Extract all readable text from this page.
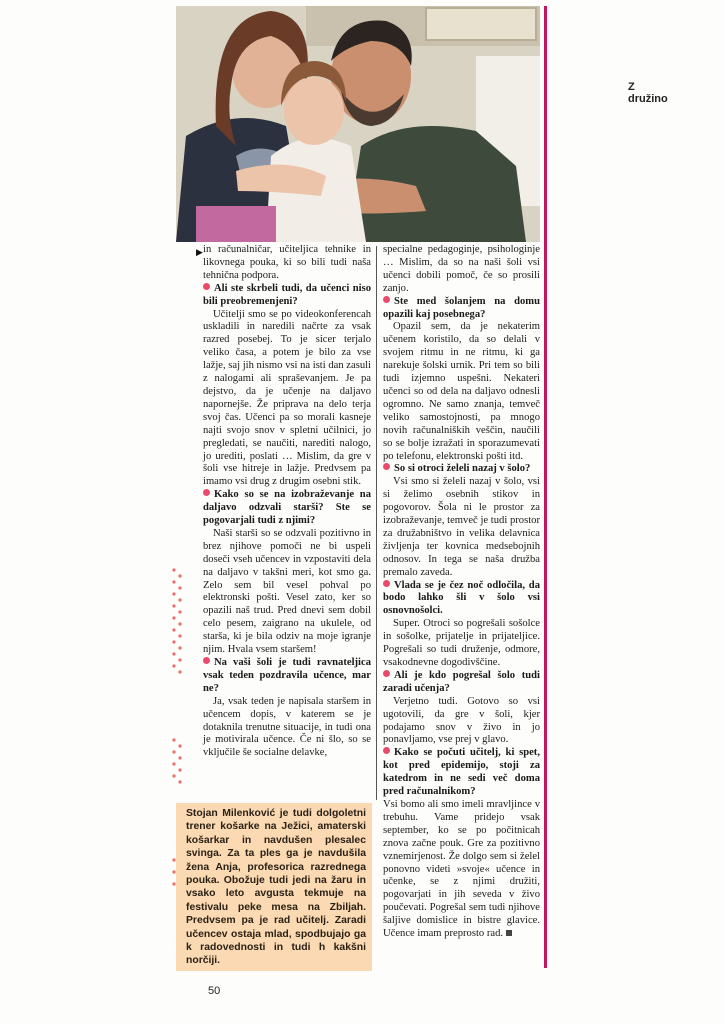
Z družino
▶ in računalničar, učiteljica tehnike in likovnega pouka, ki so bili tudi naša tehnična podpora.

Ali ste skrbeli tudi, da učenci niso bili preobremenjeni?

Učitelji smo se po videokonferencah uskladili in naredili načrte za vsak razred posebej. To je sicer terjalo veliko časa, a potem je bilo za vse lažje, saj jih nismo vsi na isti dan zasuli z nalogami ali spraševanjem. Je pa dejstvo, da je učenje na daljavo napornejše. Že priprava na delo terja svoj čas. Učenci pa so morali kasneje najti svojo snov v spletni učilnici, jo pregledati, se naučiti, narediti nalogo, jo urediti, poslati … Mislim, da gre v šoli vse hitreje in lažje. Predvsem pa imamo vsi drug z drugim osebni stik.

Kako so se na izobraževanje na daljavo odzvali starši? Ste se pogovarjali tudi z njimi?

Naši starši so se odzvali pozitivno in brez njihove pomoči ne bi uspeli doseči vseh učencev in vzpostaviti dela na daljavo v takšni meri, kot smo ga. Zelo sem bil vesel pohval po elektronski pošti. Vesel zato, ker so opazili naš trud. Pred dnevi sem dobil celo pesem, zaigrano na ukulele, od starša, ki je bila odziv na moje igranje njim. Hvala vsem staršem!

Na vaši šoli je tudi ravnateljica vsak teden pozdravila učence, mar ne?

Ja, vsak teden je napisala staršem in učencem dopis, v katerem se je dotaknila trenutne situacije, in tudi ona je motivirala učence. Če ni šlo, so se vključile še socialne delavke,

specialne pedagoginje, psihologinje … Mislim, da so na naši šoli vsi učenci dobili pomoč, če so prosili zanjo.

Ste med šolanjem na domu opazili kaj posebnega?

Opazil sem, da je nekaterim učenem koristilo, da so delali v svojem ritmu in ne ritmu, ki ga narekuje šolski urnik. Pri tem so bili tudi izjemno uspešni. Nekateri učenci so od dela na daljavo odnesli ogromno. Ne samo znanja, temveč veliko samostojnosti, pa mnogo novih računalniških veščin, naučili so se bolje izražati in sporazumevati po telefonu, elektronski pošti itd.

So si otroci želeli nazaj v šolo?

Vsi smo si želeli nazaj v šolo, vsi si želimo osebnih stikov in pogovorov. Šola ni le prostor za izobraževanje, temveč je tudi prostor za družabništvo in velika delavnica življenja ter kovnica medsebojnih odnosov. In tega se naša družba premalo zaveda.

Vlada se je čez noč odločila, da bodo lahko šli v šolo vsi osnovnošolci.

Super. Otroci so pogrešali sošolce in sošolke, prijatelje in prijateljice. Pogrešali so tudi druženje, odmore, vsakodnevne dogodivščine.

Ali je kdo pogrešal šolo tudi zaradi učenja?

Verjetno tudi. Gotovo so vsi ugotovili, da gre v šoli, kjer podajamo snov v živo in jo ponavljamo, vse prej v glavo.

Kako se počuti učitelj, ki spet, kot pred epidemijo, stoji za katedrom in ne sedi več doma pred računalnikom?

Vsi bomo ali smo imeli mravljince v trebuhu. Vame pridejo vsak september, ko se po počitnicah znova začne pouk. Gre za pozitivno vznemirjenost. Že dolgo sem si želel ponovno videti »svoje« učence in učenke, se z njimi družiti, pogovarjati in jih seveda v živo poučevati. Pogrešal sem tudi njihove šaljive domislice in bistre glavice. Učence imam preprosto rad.

Stojan Milenković je tudi dolgoletni trener košarke na Ježici, amaterski košarkar in navdušen plesalec svinga. Za ta ples ga je navdušila žena Anja, profesorica razrednega pouka. Obožuje tudi jedi na žaru in vsako leto avgusta tekmuje na festivalu peke mesa na Zbiljah. Predvsem pa je rad učitelj. Zaradi učencev ostaja mlad, spodbujajo ga k radovednosti in tudi h kakšni norčiji.
50
